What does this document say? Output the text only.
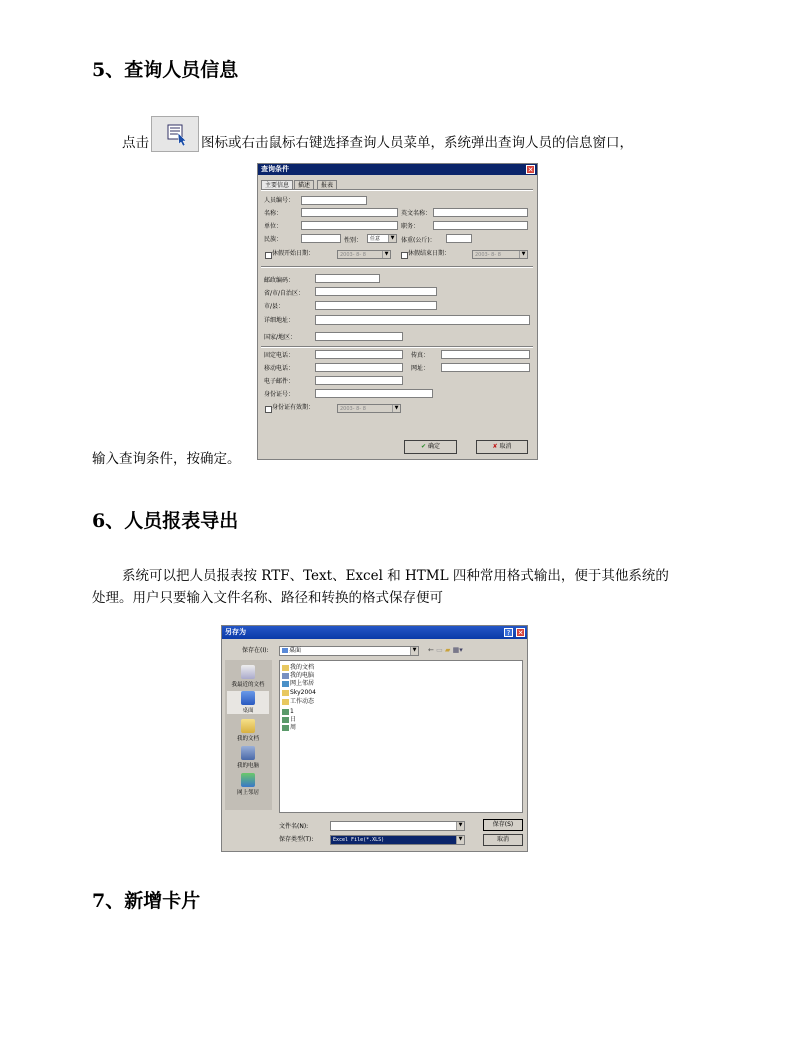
5、查询人员信息
点击	图标或右击鼠标右键选择查询人员菜单，系统弹出查询人员的信息窗口，
输入查询条件，按确定。
查询条件	✕
主要信息	描述	报表
人员编号：
名称：	英文名称：
单位：	职务：
民族：	性别：	任意	▼ 体重(公斤)：
休假开始日期：	2003- 8- 8	▼	休假结束日期：	2003- 8- 8	▼
邮政编码：
省/市/自治区：
市/县：
详细地址：
国家/地区：
固定电话：	传真：
移动电话：	网址：
电子邮件：
身份证号：
身份证有效期：	2003- 8- 8	▼
✔ 确定	✘ 取消
6、人员报表导出
系统可以把人员报表按 RTF、Text、Excel 和 HTML 四种常用格式输出，便于其他系统的
处理。用户只要输入文件名称、路径和转换的格式保存便可
另存为	?	✕
保存在(I):	桌面	▼ ← ▭ ▰ ▦▾
我最近的文档
桌面
我的文档
我的电脑
网上邻居
我的文档
我的电脑
网上邻居
Sky2004
工作动态
1
日
周
文件名(N):	▼
保存类型(T):	Excel File(*.XLS)	▼
保存(S)
取消
7、新增卡片
